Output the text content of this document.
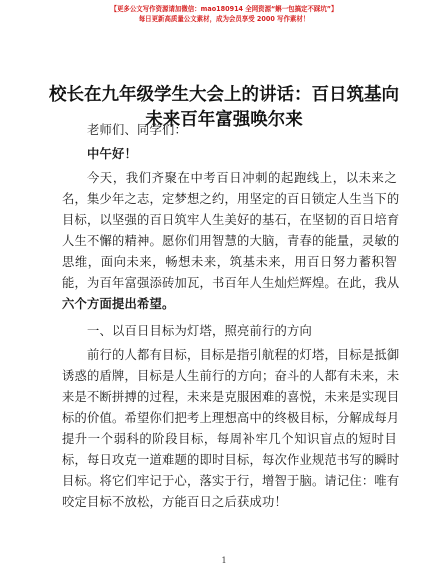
【更多公文写作资源请加微信：mao180914 全网资源“蝌一包搞定不踩坑”】
每日更新高质量公文素材，成为会员享受 2000 写作素材！
校长在九年级学生大会上的讲话：百日筑基向
未来百年富强唤尔来
老师们、同学们：
中午好！
今天，我们齐聚在中考百日冲刺的起跑线上，以未来之
名，集少年之志，定梦想之约，用坚定的百日锁定人生当下的
目标，以坚强的百日筑牢人生美好的基石，在坚韧的百日培育
人生不懈的精神。愿你们用智慧的大脑，青春的能量，灵敏的
思维，面向未来，畅想未来，筑基未来，用百日努力蓄积智
能，为百年富强添砖加瓦，书百年人生灿烂辉煌。在此，我从
六个方面提出希望。
一、以百日目标为灯塔，照亮前行的方向
前行的人都有目标，目标是指引航程的灯塔，目标是抵御
诱惑的盾牌，目标是人生前行的方向；奋斗的人都有未来，未
来是不断拼搏的过程，未来是克服困难的喜悦，未来是实现目
标的价值。希望你们把考上理想高中的终极目标，分解成每月
提升一个弱科的阶段目标，每周补牢几个知识盲点的短时目
标，每日攻克一道难题的即时目标，每次作业规范书写的瞬时
目标。将它们牢记于心，落实于行，增智于脑。请记住：唯有
咬定目标不放松，方能百日之后获成功！
1
